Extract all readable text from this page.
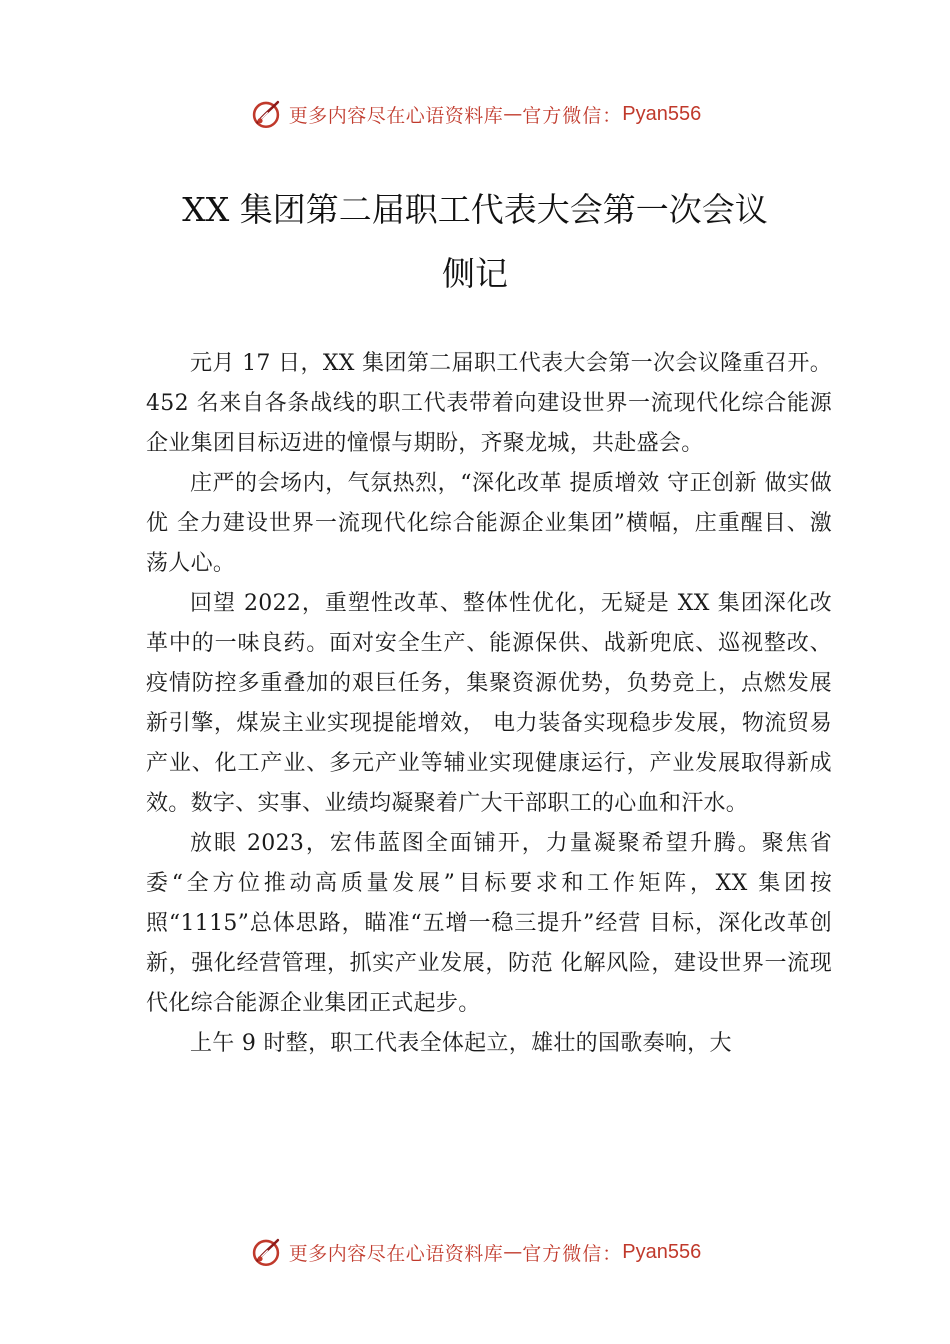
更多内容尽在心语资料库 — 官方微信： Pyan556
XX 集团第二届职工代表大会第一次会议
侧记

元月 17 日，XX 集团第二届职工代表大会第一次会议隆重召开。452 名来自各条战线的职工代表带着向建设世界一流现代化综合能源企业集团目标迈进的憧憬与期盼，齐聚龙城，共赴盛会。

庄严的会场内，气氛热烈，“深化改革 提质增效 守正创新 做实做优 全力建设世界一流现代化综合能源企业集团”横幅，庄重醒目、激荡人心。

回望 2022，重塑性改革、整体性优化，无疑是 XX 集团深化改革中的一味良药。面对安全生产、能源保供、战新兜底、巡视整改、疫情防控多重叠加的艰巨任务，集聚资源优势，负势竞上，点燃发展新引擎，煤炭主业实现提能增效， 电力装备实现稳步发展，物流贸易产业、化工产业、多元产业等辅业实现健康运行，产业发展取得新成效。数字、实事、业绩均凝聚着广大干部职工的心血和汗水。

放眼 2023，宏伟蓝图全面铺开，力量凝聚希望升腾。聚焦省委“全方位推动高质量发展”目标要求和工作矩阵，XX 集团按照“1115”总体思路，瞄准“五增一稳三提升”经营 目标，深化改革创新，强化经营管理，抓实产业发展，防范 化解风险，建设世界一流现代化综合能源企业集团正式起步。

上午 9 时整，职工代表全体起立，雄壮的国歌奏响，大

更多内容尽在心语资料库 — 官方微信： Pyan556
